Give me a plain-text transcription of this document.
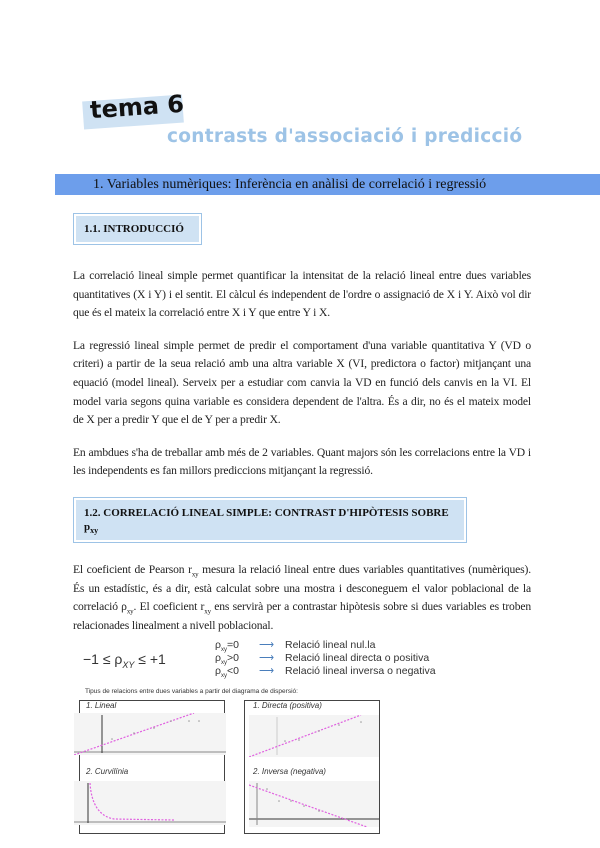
tema 6
contrasts d'associació i predicció
1. Variables numèriques: Inferència en anàlisi de correlació i regressió
1.1. INTRODUCCIÓ

La correlació lineal simple permet quantificar la intensitat de la relació lineal entre dues variables quantitatives (X i Y) i el sentit. El càlcul és independent de l'ordre o assignació de X i Y. Això vol dir que és el mateix la correlació entre X i Y que entre Y i X.

La regressió lineal simple permet de predir el comportament d'una variable quantitativa Y (VD o criteri) a partir de la seua relació amb una altra variable X (VI, predictora o factor) mitjançant una equació (model lineal). Serveix per a estudiar com canvia la VD en funció dels canvis en la VI. El model varia segons quina variable es considera dependent de l'altra. És a dir, no és el mateix model de X per a predir Y que el de Y per a predir X.

En ambdues s'ha de treballar amb més de 2 variables. Quant majors són les correlacions entre la VD i les independents es fan millors prediccions mitjançant la regressió.

1.2. CORRELACIÓ LINEAL SIMPLE: CONTRAST D'HIPÒTESIS SOBRE $p_{xy}$

El coeficient de Pearson $r_{xy}$ mesura la relació lineal entre dues variables quantitatives (numèriques). És un estadístic, és a dir, està calculat sobre una mostra i desconeguem el valor poblacional de la correlació $\rho_{xy}$. El coeficient $r_{xy}$ ens servirà per a contrastar hipòtesis sobre si dues variables es troben relacionades linealment a nivell poblacional.

$-1 \le \rho_{XY} \le +1$
$\rho_{xy}=0$ ⟶ Relació lineal nul.la
$\rho_{xy}>0$ ⟶ Relació lineal directa o positiva
$\rho_{xy}<0$ ⟶ Relació lineal inversa o negativa
Tipus de relacions entre dues variables a partir del diagrama de dispersió:
1. Lineal
2. Curvilínia
1. Directa (positiva)
2. Inversa (negativa)
